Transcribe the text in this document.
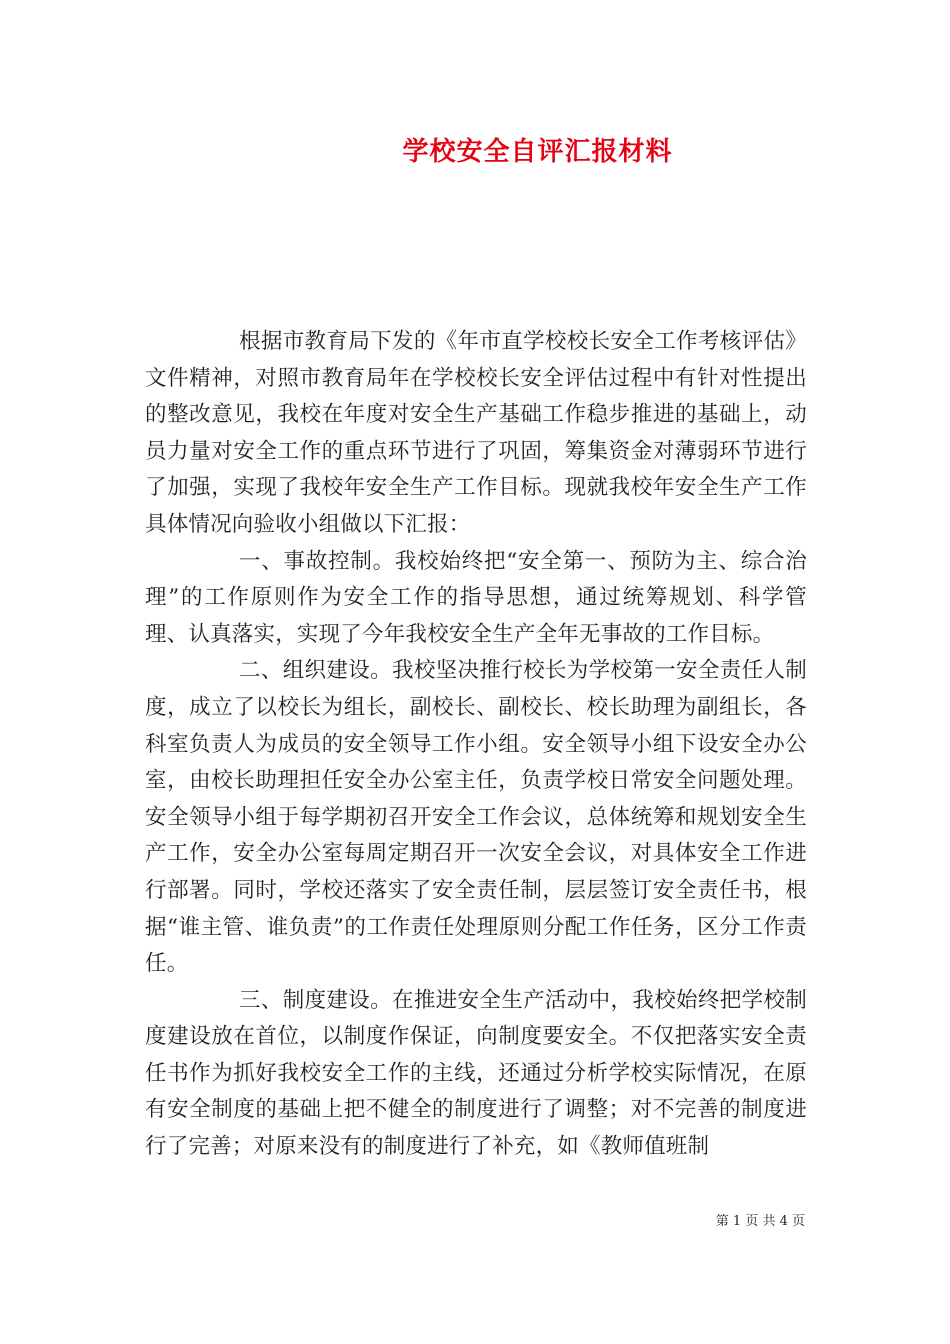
学校安全自评汇报材料

根据市教育局下发的《年市直学校校长安全工作考核评估》文件精神，对照市教育局年在学校校长安全评估过程中有针对性提出的整改意见，我校在年度对安全生产基础工作稳步推进的基础上，动员力量对安全工作的重点环节进行了巩固，筹集资金对薄弱环节进行了加强，实现了我校年安全生产工作目标。现就我校年安全生产工作具体情况向验收小组做以下汇报：

一、事故控制。我校始终把“安全第一、预防为主、综合治理”的工作原则作为安全工作的指导思想，通过统筹规划、科学管理、认真落实，实现了今年我校安全生产全年无事故的工作目标。

二、组织建设。我校坚决推行校长为学校第一安全责任人制度，成立了以校长为组长，副校长、副校长、校长助理为副组长，各科室负责人为成员的安全领导工作小组。安全领导小组下设安全办公室，由校长助理担任安全办公室主任，负责学校日常安全问题处理。安全领导小组于每学期初召开安全工作会议，总体统筹和规划安全生产工作，安全办公室每周定期召开一次安全会议，对具体安全工作进行部署。同时，学校还落实了安全责任制，层层签订安全责任书，根据“谁主管、谁负责”的工作责任处理原则分配工作任务，区分工作责任。

三、制度建设。在推进安全生产活动中，我校始终把学校制度建设放在首位，以制度作保证，向制度要安全。不仅把落实安全责任书作为抓好我校安全工作的主线，还通过分析学校实际情况，在原有安全制度的基础上把不健全的制度进行了调整；对不完善的制度进行了完善；对原来没有的制度进行了补充，如《教师值班制

第 1 页 共 4 页
